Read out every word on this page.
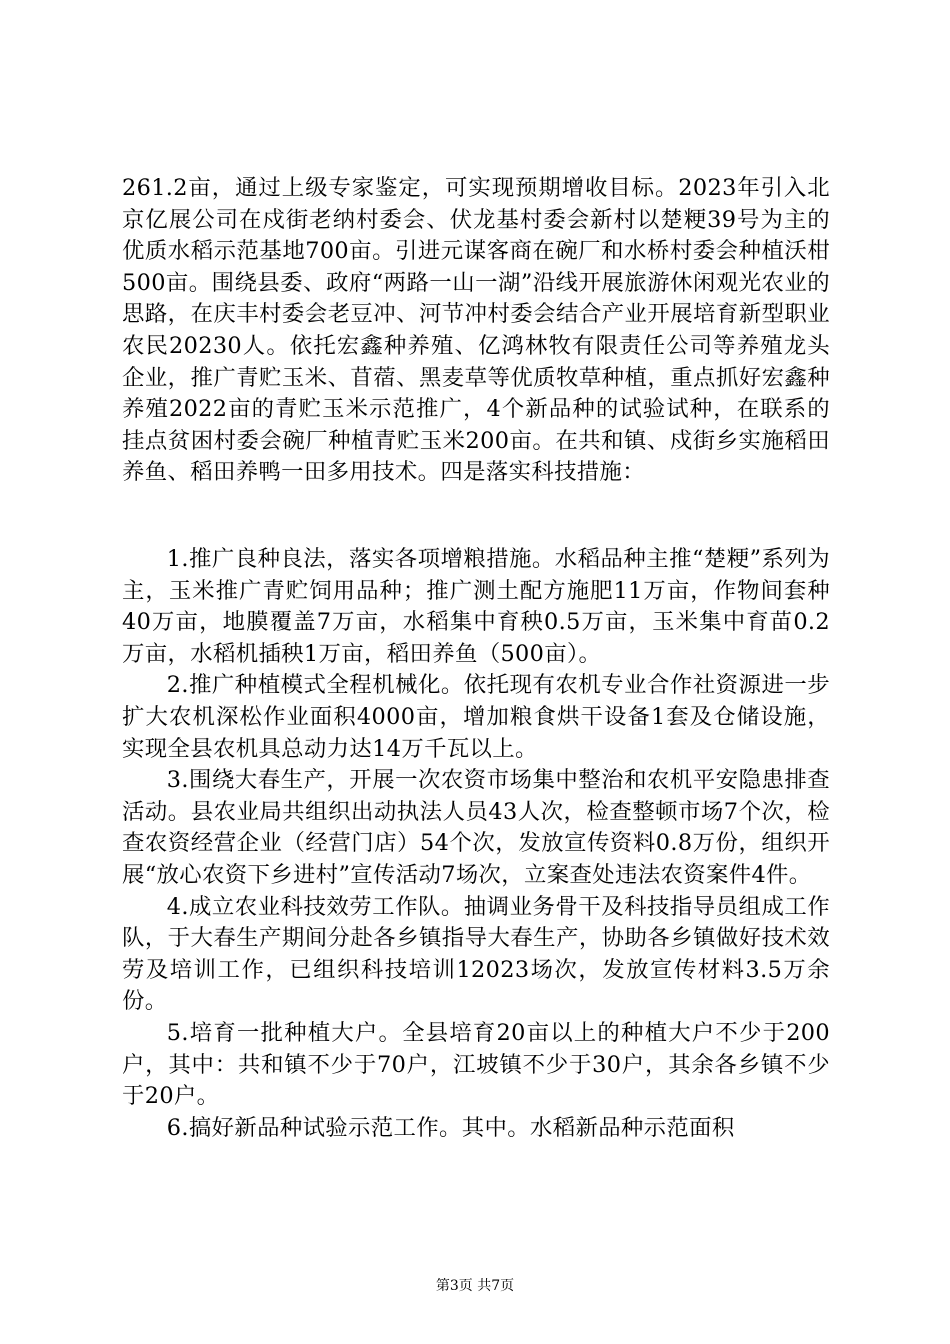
261.2亩，通过上级专家鉴定，可实现预期增收目标。2023年引入北京亿展公司在戍街老纳村委会、伏龙基村委会新村以楚粳39号为主的优质水稻示范基地700亩。引进元谋客商在碗厂和水桥村委会种植沃柑500亩。围绕县委、政府“两路一山一湖”沿线开展旅游休闲观光农业的思路，在庆丰村委会老豆冲、河节冲村委会结合产业开展培育新型职业农民20230人。依托宏鑫种养殖、亿鸿林牧有限责任公司等养殖龙头企业，推广青贮玉米、苜蓿、黑麦草等优质牧草种植，重点抓好宏鑫种养殖2022亩的青贮玉米示范推广，4个新品种的试验试种，在联系的挂点贫困村委会碗厂种植青贮玉米200亩。在共和镇、戍街乡实施稻田养鱼、稻田养鸭一田多用技术。四是落实科技措施：

1.推广良种良法，落实各项增粮措施。水稻品种主推“楚粳”系列为主，玉米推广青贮饲用品种；推广测土配方施肥11万亩，作物间套种40万亩，地膜覆盖7万亩，水稻集中育秧0.5万亩，玉米集中育苗0.2万亩，水稻机插秧1万亩，稻田养鱼（500亩）。

2.推广种植模式全程机械化。依托现有农机专业合作社资源进一步扩大农机深松作业面积4000亩，增加粮食烘干设备1套及仓储设施，实现全县农机具总动力达14万千瓦以上。

3.围绕大春生产，开展一次农资市场集中整治和农机平安隐患排查活动。县农业局共组织出动执法人员43人次，检查整顿市场7个次，检查农资经营企业（经营门店）54个次，发放宣传资料0.8万份，组织开展“放心农资下乡进村”宣传活动7场次，立案查处违法农资案件4件。

4.成立农业科技效劳工作队。抽调业务骨干及科技指导员组成工作队，于大春生产期间分赴各乡镇指导大春生产，协助各乡镇做好技术效劳及培训工作，已组织科技培训12023场次，发放宣传材料3.5万余份。

5.培育一批种植大户。全县培育20亩以上的种植大户不少于200户，其中：共和镇不少于70户，江坡镇不少于30户，其余各乡镇不少于20户。

6.搞好新品种试验示范工作。其中。水稻新品种示范面积

第3页 共7页
